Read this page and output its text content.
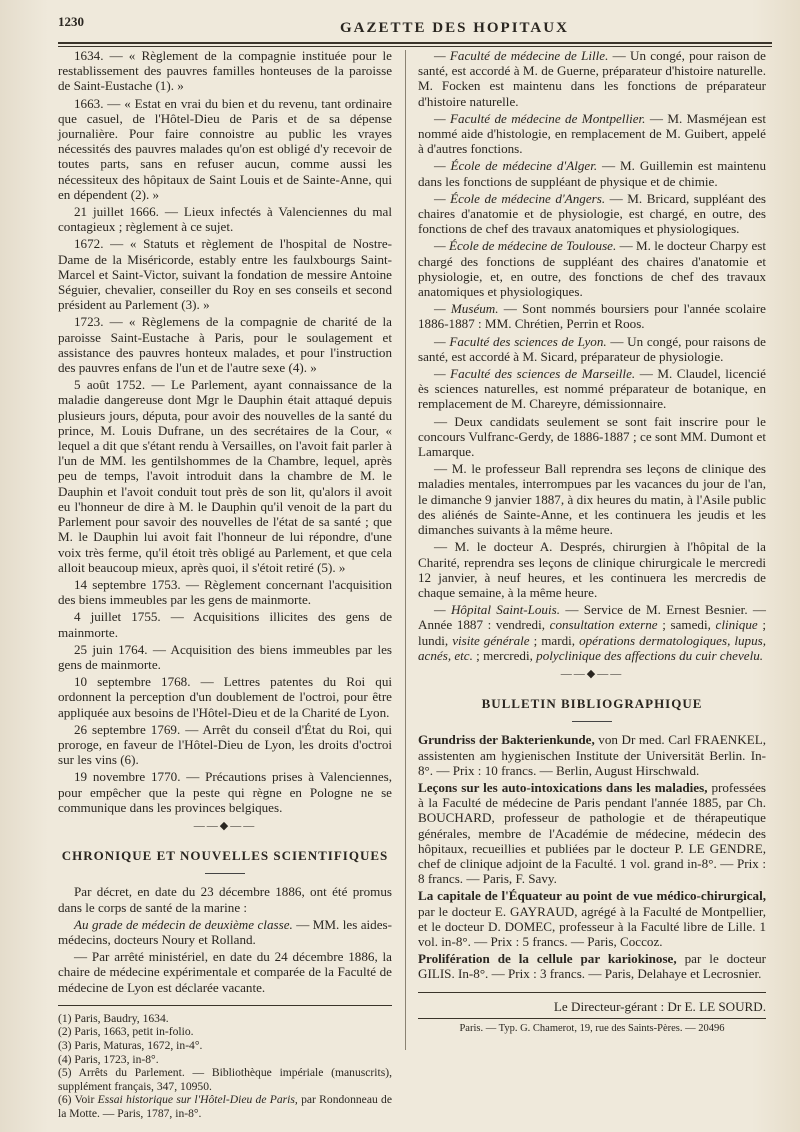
1230	GAZETTE DES HOPITAUX

1634. — « Règlement de la compagnie instituée pour le restablissement des pauvres familles honteuses de la paroisse de Saint-Eustache (1). »

1663. — « Estat en vrai du bien et du revenu, tant ordinaire que casuel, de l'Hôtel-Dieu de Paris et de sa dépense journalière. Pour faire connoistre au public les vrayes nécessités des pauvres malades qu'on est obligé d'y recevoir de toutes parts, sans en refuser aucun, comme aussi les nécessiteux des hôpitaux de Saint Louis et de Sainte-Anne, qui en dépendent (2). »

21 juillet 1666. — Lieux infectés à Valenciennes du mal contagieux ; règlement à ce sujet.

1672. — « Statuts et règlement de l'hospital de Nostre-Dame de la Miséricorde, estably entre les faulxbourgs Saint-Marcel et Saint-Victor, suivant la fondation de messire Antoine Séguier, chevalier, conseiller du Roy en ses conseils et second président au Parlement (3). »

1723. — « Règlemens de la compagnie de charité de la paroisse Saint-Eustache à Paris, pour le soulagement et assistance des pauvres honteux malades, et pour l'instruction des pauvres enfans de l'un et de l'autre sexe (4). »

5 août 1752. — Le Parlement, ayant connaissance de la maladie dangereuse dont Mgr le Dauphin était attaqué depuis plusieurs jours, députa, pour avoir des nouvelles de la santé du prince, M. Louis Dufrane, un des secrétaires de la Cour, « lequel a dit que s'étant rendu à Versailles, on l'avoit fait parler à l'un de MM. les gentilshommes de la Chambre, lequel, après peu de temps, l'avoit introduit dans la chambre de M. le Dauphin et l'avoit conduit tout près de son lit, qu'alors il avoit eu l'honneur de dire à M. le Dauphin qu'il venoit de la part du Parlement pour savoir des nouvelles de l'état de sa santé ; que M. le Dauphin lui avoit fait l'honneur de lui répondre, d'une voix très ferme, qu'il étoit très obligé au Parlement, et que cela alloit beaucoup mieux, après quoi, il s'étoit retiré (5). »

14 septembre 1753. — Règlement concernant l'acquisition des biens immeubles par les gens de mainmorte.

4 juillet 1755. — Acquisitions illicites des gens de mainmorte.

25 juin 1764. — Acquisition des biens immeubles par les gens de mainmorte.

10 septembre 1768. — Lettres patentes du Roi qui ordonnent la perception d'un doublement de l'octroi, pour être appliquée aux besoins de l'Hôtel-Dieu et de la Charité de Lyon.

26 septembre 1769. — Arrêt du conseil d'État du Roi, qui proroge, en faveur de l'Hôtel-Dieu de Lyon, les droits d'octroi sur les vins (6).

19 novembre 1770. — Précautions prises à Valenciennes, pour empêcher que la peste qui règne en Pologne ne se communique dans les provinces belgiques.

——◆——
CHRONIQUE ET NOUVELLES SCIENTIFIQUES

Par décret, en date du 23 décembre 1886, ont été promus dans le corps de santé de la marine :

Au grade de médecin de deuxième classe. — MM. les aides-médecins, docteurs Noury et Rolland.

— Par arrêté ministériel, en date du 24 décembre 1886, la chaire de médecine expérimentale et comparée de la Faculté de médecine de Lyon est déclarée vacante.

(1) Paris, Baudry, 1634.

(2) Paris, 1663, petit in-folio.

(3) Paris, Maturas, 1672, in-4°.

(4) Paris, 1723, in-8°.

(5) Arrêts du Parlement. — Bibliothèque impériale (manuscrits), supplément français, 347, 10950.

(6) Voir Essai historique sur l'Hôtel-Dieu de Paris, par Rondonneau de la Motte. — Paris, 1787, in-8°.

— Faculté de médecine de Lille. — Un congé, pour raison de santé, est accordé à M. de Guerne, préparateur d'histoire naturelle. M. Focken est maintenu dans les fonctions de préparateur d'histoire naturelle.

— Faculté de médecine de Montpellier. — M. Masméjean est nommé aide d'histologie, en remplacement de M. Guibert, appelé à d'autres fonctions.

— École de médecine d'Alger. — M. Guillemin est maintenu dans les fonctions de suppléant de physique et de chimie.

— École de médecine d'Angers. — M. Bricard, suppléant des chaires d'anatomie et de physiologie, est chargé, en outre, des fonctions de chef des travaux anatomiques et physiologiques.

— École de médecine de Toulouse. — M. le docteur Charpy est chargé des fonctions de suppléant des chaires d'anatomie et physiologie, et, en outre, des fonctions de chef des travaux anatomiques et physiologiques.

— Muséum. — Sont nommés boursiers pour l'année scolaire 1886-1887 : MM. Chrétien, Perrin et Roos.

— Faculté des sciences de Lyon. — Un congé, pour raisons de santé, est accordé à M. Sicard, préparateur de physiologie.

— Faculté des sciences de Marseille. — M. Claudel, licencié ès sciences naturelles, est nommé préparateur de botanique, en remplacement de M. Chareyre, démissionnaire.

— Deux candidats seulement se sont fait inscrire pour le concours Vulfranc-Gerdy, de 1886-1887 ; ce sont MM. Dumont et Lamarque.

— M. le professeur Ball reprendra ses leçons de clinique des maladies mentales, interrompues par les vacances du jour de l'an, le dimanche 9 janvier 1887, à dix heures du matin, à l'Asile public des aliénés de Sainte-Anne, et les continuera les jeudis et les dimanches suivants à la même heure.

— M. le docteur A. Després, chirurgien à l'hôpital de la Charité, reprendra ses leçons de clinique chirurgicale le mercredi 12 janvier, à neuf heures, et les continuera les mercredis de chaque semaine, à la même heure.

— Hôpital Saint-Louis. — Service de M. Ernest Besnier. — Année 1887 : vendredi, consultation externe ; samedi, clinique ; lundi, visite générale ; mardi, opérations dermatologiques, lupus, acnés, etc. ; mercredi, polyclinique des affections du cuir chevelu.

——◆——
BULLETIN BIBLIOGRAPHIQUE

Grundriss der Bakterienkunde, von Dr med. Carl FRAENKEL, assistenten am hygienischen Institute der Universität Berlin. In-8°. — Prix : 10 francs. — Berlin, August Hirschwald.

Leçons sur les auto-intoxications dans les maladies, professées à la Faculté de médecine de Paris pendant l'année 1885, par Ch. BOUCHARD, professeur de pathologie et de thérapeutique générales, membre de l'Académie de médecine, médecin des hôpitaux, recueillies et publiées par le docteur P. LE GENDRE, chef de clinique adjoint de la Faculté. 1 vol. grand in-8°. — Prix : 8 francs. — Paris, F. Savy.

La capitale de l'Équateur au point de vue médico-chirurgical, par le docteur E. GAYRAUD, agrégé à la Faculté de Montpellier, et le docteur D. DOMEC, professeur à la Faculté libre de Lille. 1 vol. in-8°. — Prix : 5 francs. — Paris, Coccoz.

Prolifération de la cellule par kariokinose, par le docteur GILIS. In-8°. — Prix : 3 francs. — Paris, Delahaye et Lecrosnier.

Le Directeur-gérant : Dr E. LE SOURD.
Paris. — Typ. G. Chamerot, 19, rue des Saints-Pères. — 20496
